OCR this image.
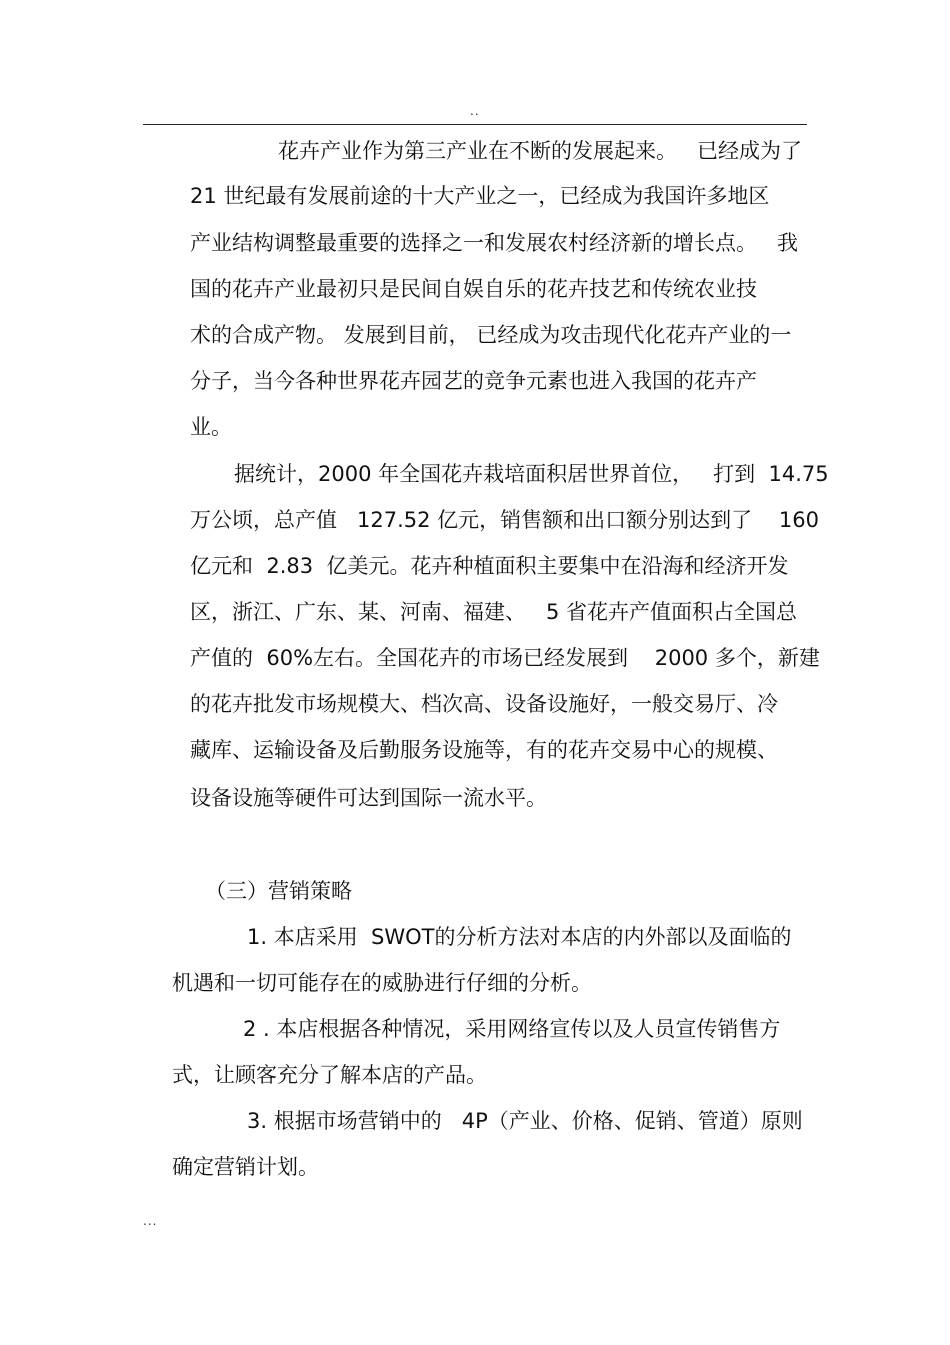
..
花卉产业作为第三产业在不断的发展起来。   已经成为了
21 世纪最有发展前途的十大产业之一，已经成为我国许多地区
产业结构调整最重要的选择之一和发展农村经济新的增长点。   我
国的花卉产业最初只是民间自娱自乐的花卉技艺和传统农业技
术的合成产物。 发展到目前， 已经成为攻击现代化花卉产业的一
分子，当今各种世界花卉园艺的竞争元素也进入我国的花卉产
业。
据统计，2000 年全国花卉栽培面积居世界首位，   打到  14.75
万公顷，总产值   127.52 亿元，销售额和出口额分别达到了    160
亿元和  2.83  亿美元。花卉种植面积主要集中在沿海和经济开发
区，浙江、广东、某、河南、福建、   5 省花卉产值面积占全国总
产值的  60%左右。全国花卉的市场已经发展到    2000 多个，新建
的花卉批发市场规模大、档次高、设备设施好，一般交易厅、冷
藏库、运输设备及后勤服务设施等，有的花卉交易中心的规模、
设备设施等硬件可达到国际一流水平。
（三）营销策略
1. 本店采用  SWOT的分析方法对本店的内外部以及面临的
机遇和一切可能存在的威胁进行仔细的分析。
2 . 本店根据各种情况，采用网络宣传以及人员宣传销售方
式，让顾客充分了解本店的产品。
3. 根据市场营销中的   4P（产业、价格、促销、管道）原则
确定营销计划。
...
